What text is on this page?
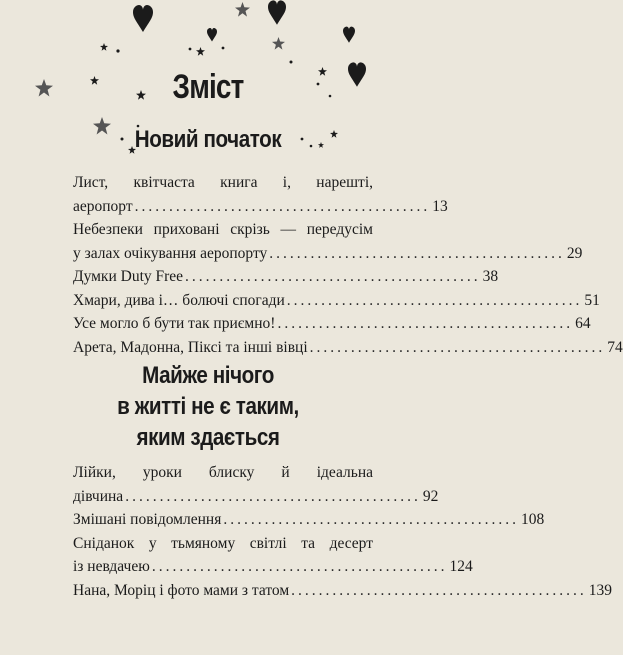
Зміст
Новий початок
Лист, квітчаста книга і, нарешті,
аеропорт ........................................... 13
Небезпеки приховані скрізь — передусім
у залах очікування аеропорту ........................................... 29
Думки Duty Free ........................................... 38
Хмари, дива і… болючі спогади ........................................... 51
Усе могло б бути так приємно! ........................................... 64
Арета, Мадонна, Піксі та інші вівці ........................................... 74
Майже нічого
в житті не є таким,
яким здається
Лійки, уроки блиску й ідеальна
дівчина ........................................... 92
Змішані повідомлення ........................................... 108
Сніданок у тьмяному світлі та десерт
із невдачею ........................................... 124
Нана, Моріц і фото мами з татом ........................................... 139
